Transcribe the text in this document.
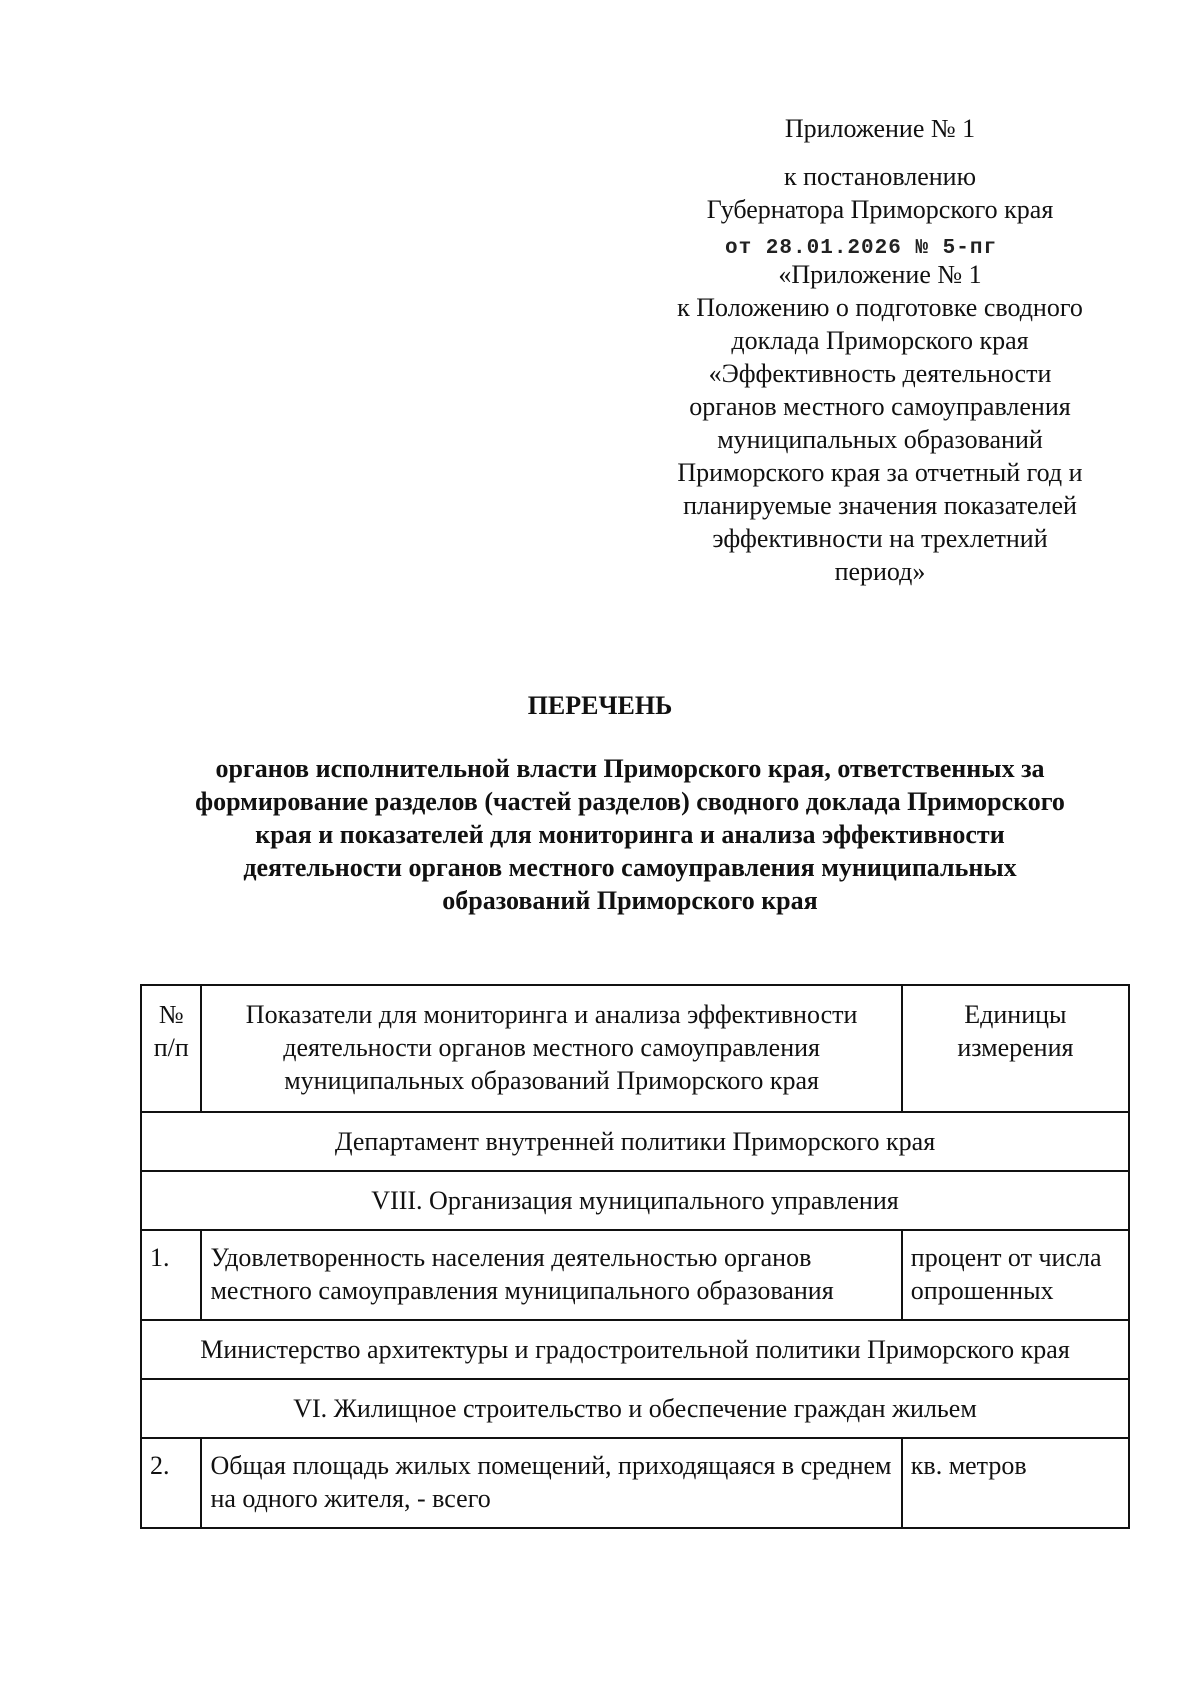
Приложение № 1
к постановлению
Губернатора Приморского края
от 28.01.2026 № 5-пг
«Приложение № 1
к Положению о подготовке сводного
доклада Приморского края
«Эффективность деятельности
органов местного самоуправления
муниципальных образований
Приморского края за отчетный год и
планируемые значения показателей
эффективности на трехлетний
период»
ПЕРЕЧЕНЬ
органов исполнительной власти Приморского края, ответственных за
формирование разделов (частей разделов) сводного доклада Приморского
края и показателей для мониторинга и анализа эффективности
деятельности органов местного самоуправления муниципальных
образований Приморского края
№
п/п	Показатели для мониторинга и анализа эффективности деятельности органов местного самоуправления муниципальных образований Приморского края	Единицы измерения
Департамент внутренней политики Приморского края		
VIII. Организация муниципального управления		
1.	Удовлетворенность населения деятельностью органов местного самоуправления муниципального образования	процент от числа опрошенных
Министерство архитектуры и градостроительной политики Приморского края		
VI. Жилищное строительство и обеспечение граждан жильем		
2.	Общая площадь жилых помещений, приходящаяся в среднем на одного жителя, - всего	кв. метров
